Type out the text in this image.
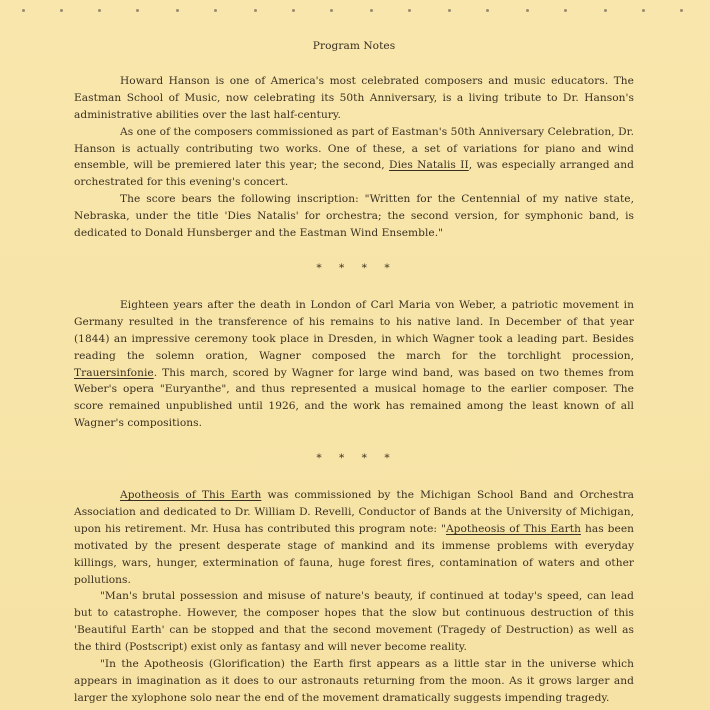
Program Notes

Howard Hanson is one of America's most celebrated composers and music educators. The Eastman School of Music, now celebrating its 50th Anniversary, is a living tribute to Dr. Hanson's administrative abilities over the last half-century.

As one of the composers commissioned as part of Eastman's 50th Anniversary Celebration, Dr. Hanson is actually contributing two works. One of these, a set of variations for piano and wind ensemble, will be premiered later this year; the second, Dies Natalis II, was especially arranged and orchestrated for this evening's concert.

The score bears the following inscription: "Written for the Centennial of my native state, Nebraska, under the title 'Dies Natalis' for orchestra; the second version, for symphonic band, is dedicated to Donald Hunsberger and the Eastman Wind Ensemble."

* * * *

Eighteen years after the death in London of Carl Maria von Weber, a patriotic movement in Germany resulted in the transference of his remains to his native land. In December of that year (1844) an impressive ceremony took place in Dresden, in which Wagner took a leading part. Besides reading the solemn oration, Wagner composed the march for the torchlight procession, Trauersinfonie. This march, scored by Wagner for large wind band, was based on two themes from Weber's opera "Euryanthe", and thus represented a musical homage to the earlier composer. The score remained unpublished until 1926, and the work has remained among the least known of all Wagner's compositions.

* * * *

Apotheosis of This Earth was commissioned by the Michigan School Band and Orchestra Association and dedicated to Dr. William D. Revelli, Conductor of Bands at the University of Michigan, upon his retirement. Mr. Husa has contributed this program note: "Apotheosis of This Earth has been motivated by the present desperate stage of mankind and its immense problems with everyday killings, wars, hunger, extermination of fauna, huge forest fires, contamination of waters and other pollutions.

"Man's brutal possession and misuse of nature's beauty, if continued at today's speed, can lead but to catastrophe. However, the composer hopes that the slow but continuous destruction of this 'Beautiful Earth' can be stopped and that the second movement (Tragedy of Destruction) as well as the third (Postscript) exist only as fantasy and will never become reality.

"In the Apotheosis (Glorification) the Earth first appears as a little star in the universe which appears in imagination as it does to our astronauts returning from the moon. As it grows larger and larger the xylophone solo near the end of the movement dramatically suggests impending tragedy.
